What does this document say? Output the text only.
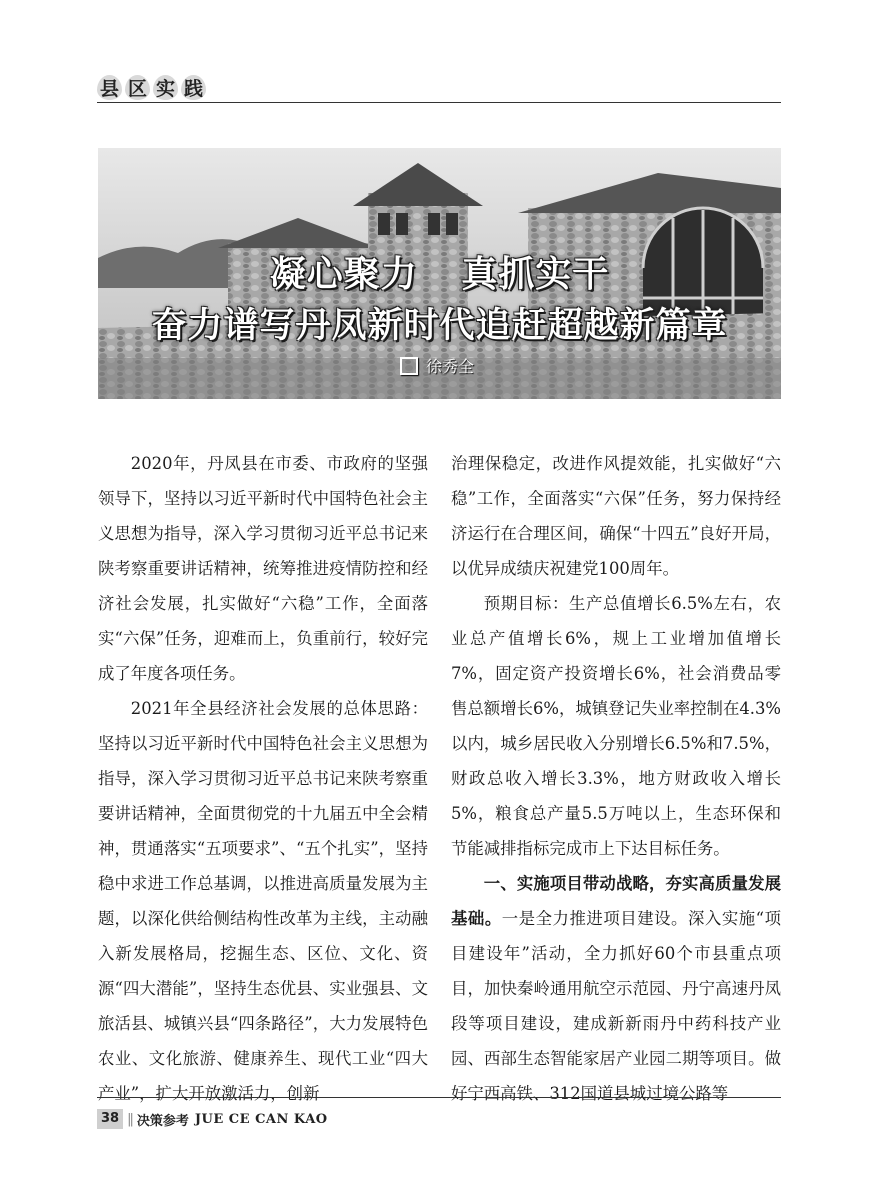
县 区 实 践
凝心聚力 真抓实干
奋力谱写丹凤新时代追赶超越新篇章
徐秀全

2020年，丹凤县在市委、市政府的坚强领导下，坚持以习近平新时代中国特色社会主义思想为指导，深入学习贯彻习近平总书记来陕考察重要讲话精神，统筹推进疫情防控和经济社会发展，扎实做好“六稳”工作，全面落实“六保”任务，迎难而上，负重前行，较好完成了年度各项任务。

2021年全县经济社会发展的总体思路：坚持以习近平新时代中国特色社会主义思想为指导，深入学习贯彻习近平总书记来陕考察重要讲话精神，全面贯彻党的十九届五中全会精神，贯通落实“五项要求”、“五个扎实”，坚持稳中求进工作总基调，以推进高质量发展为主题，以深化供给侧结构性改革为主线，主动融入新发展格局，挖掘生态、区位、文化、资源“四大潜能”，坚持生态优县、实业强县、文旅活县、城镇兴县“四条路径”，大力发展特色农业、文化旅游、健康养生、现代工业“四大产业”，扩大开放激活力，创新

治理保稳定，改进作风提效能，扎实做好“六稳”工作，全面落实“六保”任务，努力保持经济运行在合理区间，确保“十四五”良好开局，以优异成绩庆祝建党100周年。

预期目标：生产总值增长6.5%左右，农业总产值增长6%，规上工业增加值增长7%，固定资产投资增长6%，社会消费品零售总额增长6%，城镇登记失业率控制在4.3%以内，城乡居民收入分别增长6.5%和7.5%，财政总收入增长3.3%，地方财政收入增长5%，粮食总产量5.5万吨以上，生态环保和节能减排指标完成市上下达目标任务。

一、实施项目带动战略，夯实高质量发展基础。一是全力推进项目建设。深入实施“项目建设年”活动，全力抓好60个市县重点项目，加快秦岭通用航空示范园、丹宁高速丹凤段等项目建设，建成新新雨丹中药科技产业园、西部生态智能家居产业园二期等项目。做好宁西高铁、312国道县城过境公路等

38 || 决策参考 JUE CE CAN KAO
